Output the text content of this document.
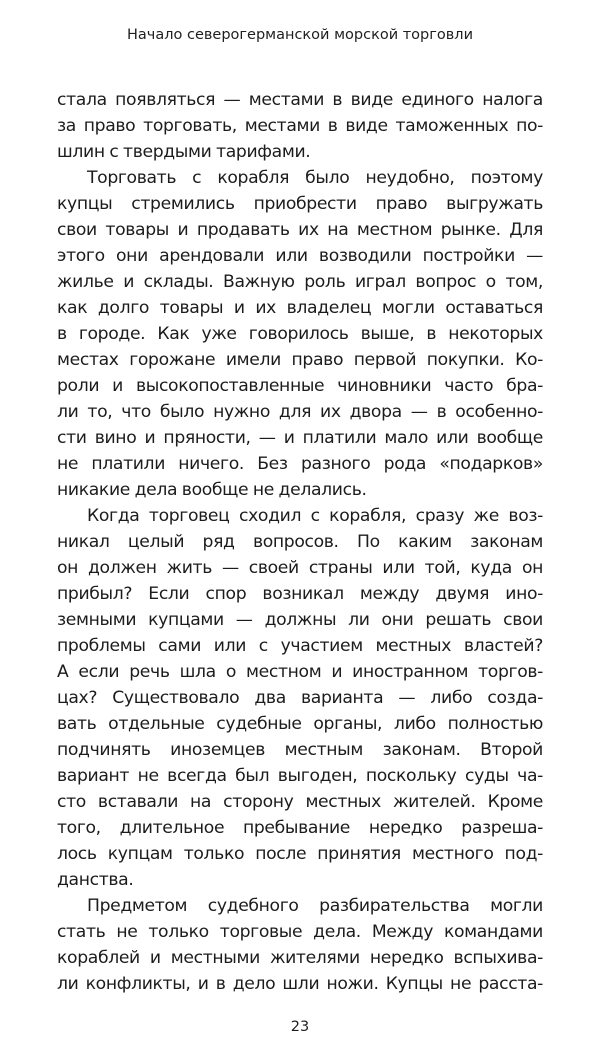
Начало северогерманской морской торговли
стала появляться — местами в виде единого налога
за право торговать, местами в виде таможенных по-
шлин с твердыми тарифами.
Торговать с корабля было неудобно, поэтому
купцы стремились приобрести право выгружать
свои товары и продавать их на местном рынке. Для
этого они арендовали или возводили постройки —
жилье и склады. Важную роль играл вопрос о том,
как долго товары и их владелец могли оставаться
в городе. Как уже говорилось выше, в некоторых
местах горожане имели право первой покупки. Ко-
роли и высокопоставленные чиновники часто бра-
ли то, что было нужно для их двора — в особенно-
сти вино и пряности, — и платили мало или вообще
не платили ничего. Без разного рода «подарков»
никакие дела вообще не делались.
Когда торговец сходил с корабля, сразу же воз-
никал целый ряд вопросов. По каким законам
он должен жить — своей страны или той, куда он
прибыл? Если спор возникал между двумя ино-
земными купцами — должны ли они решать свои
проблемы сами или с участием местных властей?
А если речь шла о местном и иностранном торгов-
цах? Существовало два варианта — либо созда-
вать отдельные судебные органы, либо полностью
подчинять иноземцев местным законам. Второй
вариант не всегда был выгоден, поскольку суды ча-
сто вставали на сторону местных жителей. Кроме
того, длительное пребывание нередко разреша-
лось купцам только после принятия местного под-
данства.
Предметом судебного разбирательства могли
стать не только торговые дела. Между командами
кораблей и местными жителями нередко вспыхива-
ли конфликты, и в дело шли ножи. Купцы не расста-
23
